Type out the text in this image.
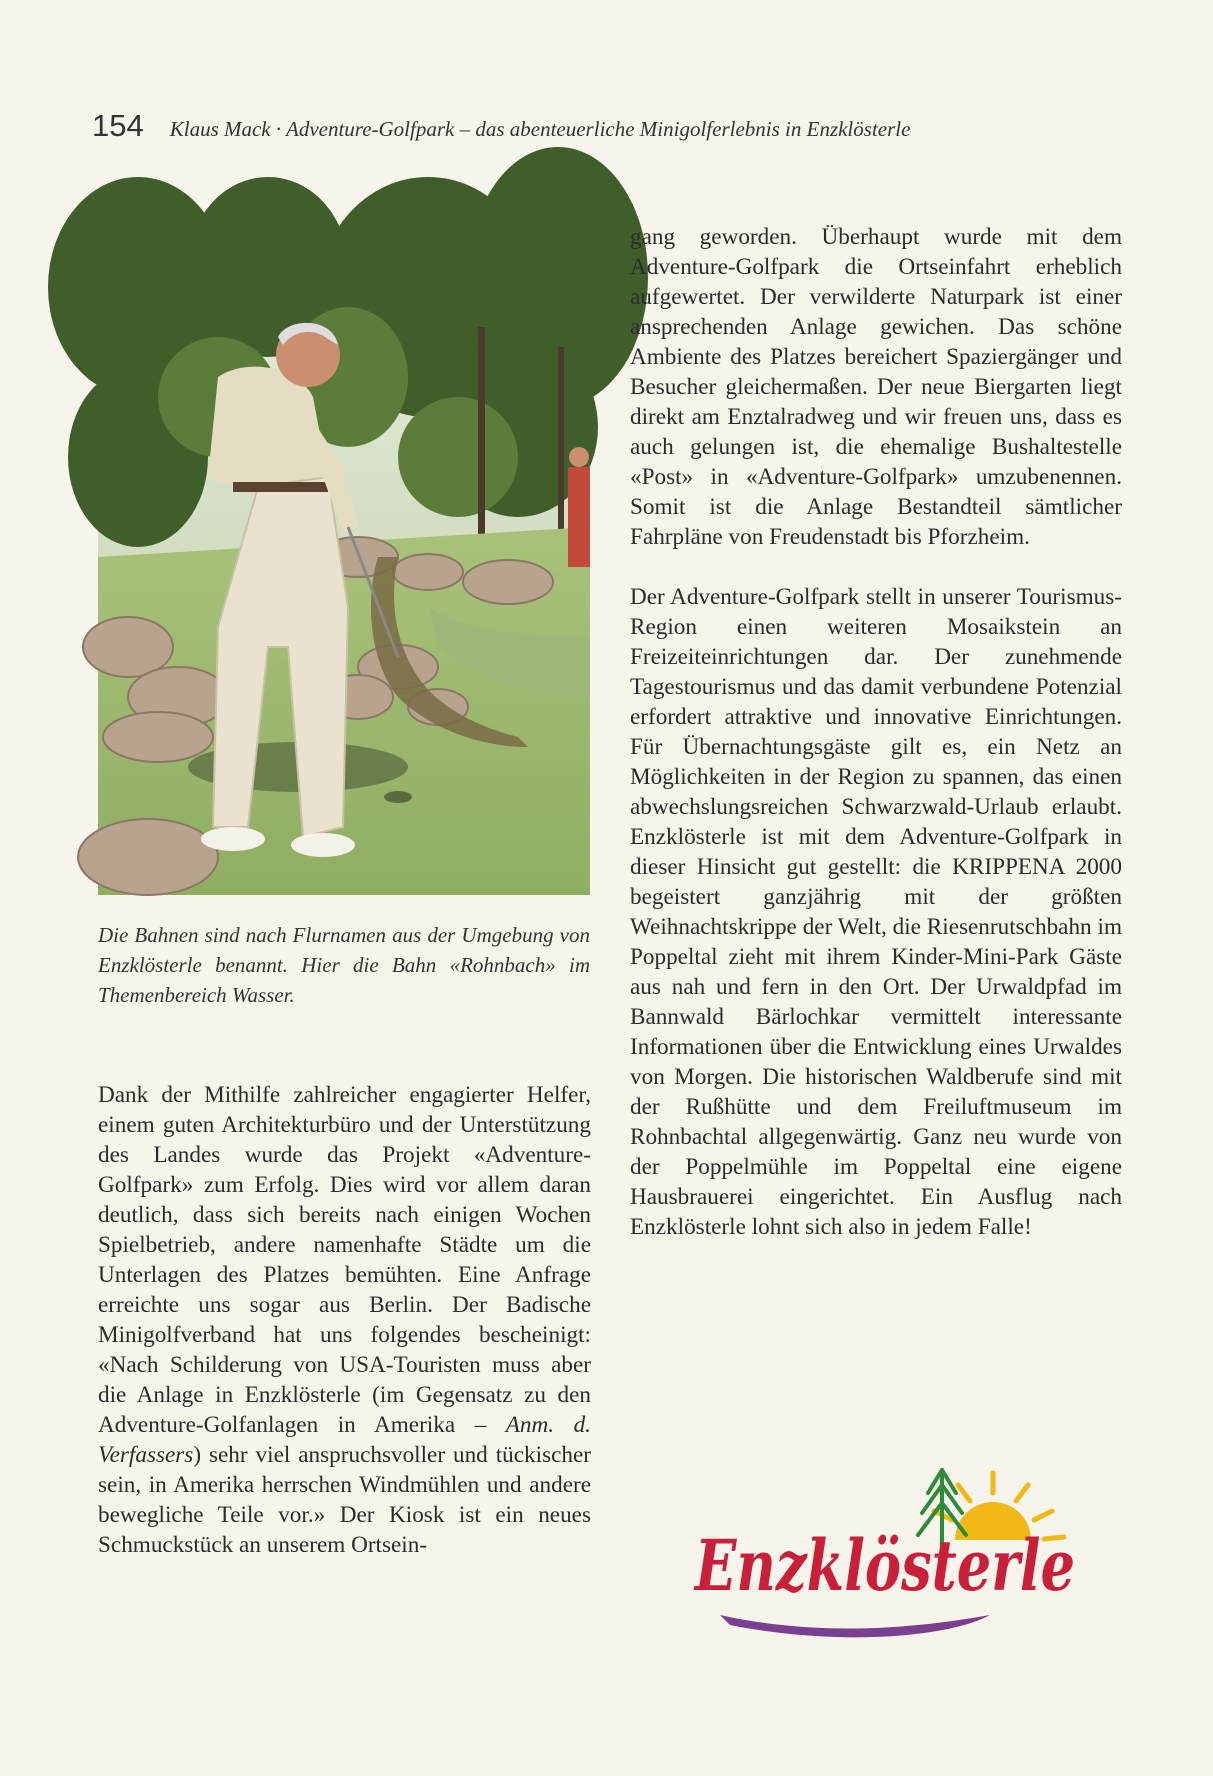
154 Klaus Mack · Adventure-Golfpark – das abenteuerliche Minigolferlebnis in Enzklösterle
Die Bahnen sind nach Flurnamen aus der Umgebung von Enzklösterle benannt. Hier die Bahn «Rohnbach» im Themenbereich Wasser.

Dank der Mithilfe zahlreicher engagierter Helfer, einem guten Architekturbüro und der Unterstützung des Landes wurde das Projekt «Adventure-Golfpark» zum Erfolg. Dies wird vor allem daran deutlich, dass sich bereits nach einigen Wochen Spielbetrieb, andere namenhafte Städte um die Unterlagen des Platzes bemühten. Eine Anfrage erreichte uns sogar aus Berlin. Der Badische Minigolfverband hat uns folgendes bescheinigt: «Nach Schilderung von USA-Touristen muss aber die Anlage in Enzklösterle (im Gegensatz zu den Adventure-Golfanlagen in Amerika – Anm. d. Verfassers) sehr viel anspruchsvoller und tückischer sein, in Amerika herrschen Windmühlen und andere bewegliche Teile vor.» Der Kiosk ist ein neues Schmuckstück an unserem Ortsein-

gang geworden. Überhaupt wurde mit dem Adventure-Golfpark die Ortseinfahrt erheblich aufgewertet. Der verwilderte Naturpark ist einer ansprechenden Anlage gewichen. Das schöne Ambiente des Platzes bereichert Spaziergänger und Besucher gleichermaßen. Der neue Biergarten liegt direkt am Enztalradweg und wir freuen uns, dass es auch gelungen ist, die ehemalige Bushaltestelle «Post» in «Adventure-Golfpark» umzubenennen. Somit ist die Anlage Bestandteil sämtlicher Fahrpläne von Freudenstadt bis Pforzheim.

Der Adventure-Golfpark stellt in unserer Tourismus-Region einen weiteren Mosaikstein an Freizeiteinrichtungen dar. Der zunehmende Tagestourismus und das damit verbundene Potenzial erfordert attraktive und innovative Einrichtungen. Für Übernachtungsgäste gilt es, ein Netz an Möglichkeiten in der Region zu spannen, das einen abwechslungsreichen Schwarzwald-Urlaub erlaubt. Enzklösterle ist mit dem Adventure-Golfpark in dieser Hinsicht gut gestellt: die KRIPPENA 2000 begeistert ganzjährig mit der größten Weihnachtskrippe der Welt, die Riesenrutschbahn im Poppeltal zieht mit ihrem Kinder-Mini-Park Gäste aus nah und fern in den Ort. Der Urwaldpfad im Bannwald Bärlochkar vermittelt interessante Informationen über die Entwicklung eines Urwaldes von Morgen. Die historischen Waldberufe sind mit der Rußhütte und dem Freiluftmuseum im Rohnbachtal allgegenwärtig. Ganz neu wurde von der Poppelmühle im Poppeltal eine eigene Hausbrauerei eingerichtet. Ein Ausflug nach Enzklösterle lohnt sich also in jedem Falle!

Enzklösterle
